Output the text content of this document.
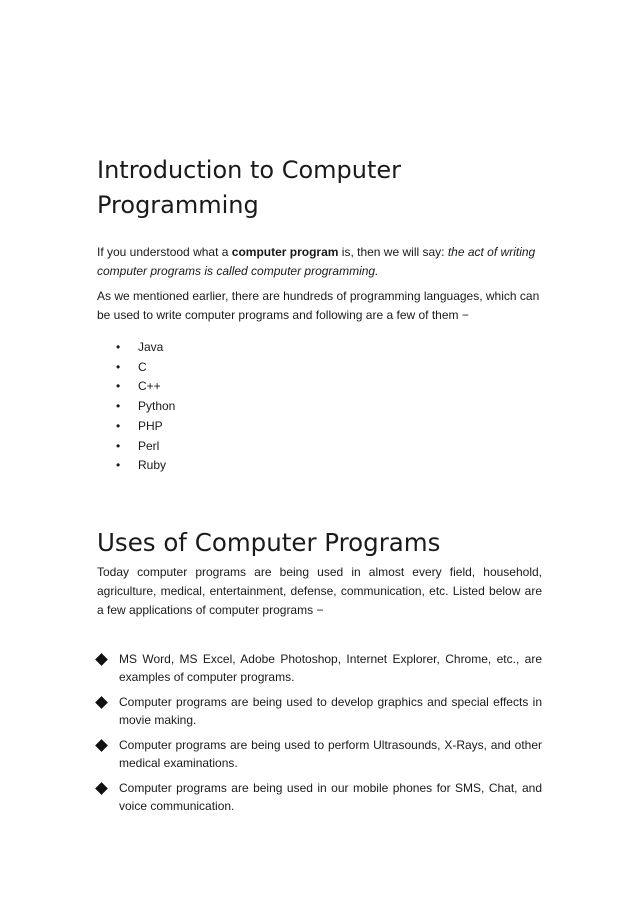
Introduction to Computer Programming

If you understood what a computer program is, then we will say: the act of writing computer programs is called computer programming.

As we mentioned earlier, there are hundreds of programming languages, which can be used to write computer programs and following are a few of them −

• Java
• C
• C++
• Python
• PHP
• Perl
• Ruby
Uses of Computer Programs

Today computer programs are being used in almost every field, household, agriculture, medical, entertainment, defense, communication, etc. Listed below are a few applications of computer programs −

MS Word, MS Excel, Adobe Photoshop, Internet Explorer, Chrome, etc., are examples of computer programs.
Computer programs are being used to develop graphics and special effects in movie making.
Computer programs are being used to perform Ultrasounds, X-Rays, and other medical examinations.
Computer programs are being used in our mobile phones for SMS, Chat, and voice communication.
